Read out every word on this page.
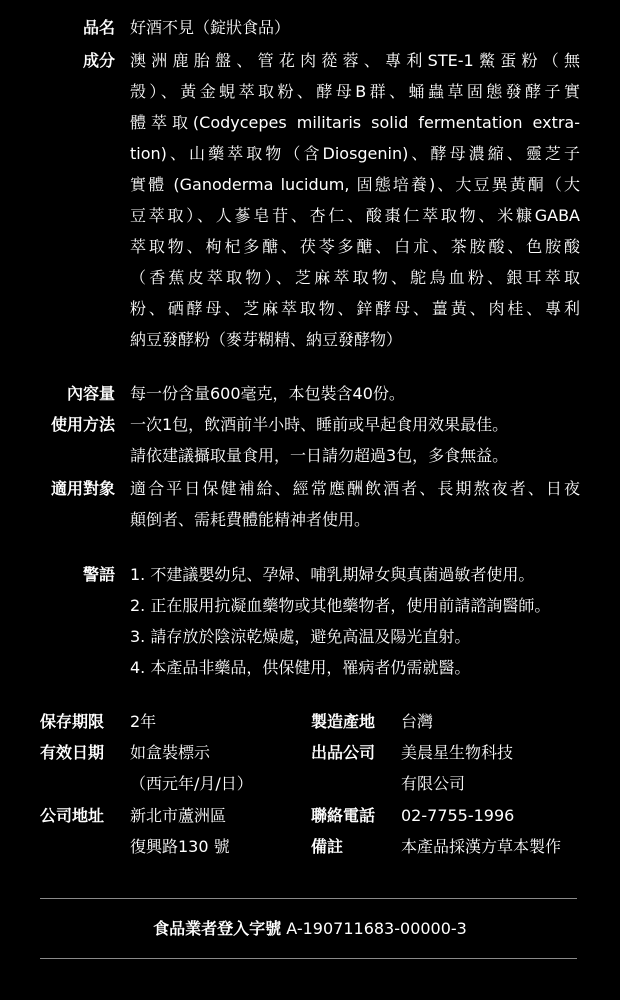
品名 好酒不見（錠狀食品）
成分 澳洲鹿胎盤、管花肉蓯蓉、專利STE-1鱉蛋粉（無
殼）、黃金蜆萃取粉、酵母B群、蛹蟲草固態發酵子實
體萃取(Codycepes militaris solid fermentation extra-
tion)、山藥萃取物（含Diosgenin)、酵母濃縮、靈芝子
實體 (Ganoderma lucidum, 固態培養)、大豆異黃酮（大
豆萃取）、人蔘皂苷、杏仁、酸棗仁萃取物、米糠GABA
萃取物、枸杞多醣、茯苓多醣、白朮、茶胺酸、色胺酸
（香蕉皮萃取物）、芝麻萃取物、鴕鳥血粉、銀耳萃取
粉、硒酵母、芝麻萃取物、鋅酵母、薑黃、肉桂、專利
納豆發酵粉（麥芽糊精、納豆發酵物）
內容量 每一份含量600毫克，本包裝含40份。
使用方法 一次1包，飲酒前半小時、睡前或早起食用效果最佳。
請依建議攝取量食用，一日請勿超過3包，多食無益。
適用對象 適合平日保健補給、經常應酬飲酒者、長期熬夜者、日夜
顛倒者、需耗費體能精神者使用。
警語 1. 不建議嬰幼兒、孕婦、哺乳期婦女與真菌過敏者使用。
2. 正在服用抗凝血藥物或其他藥物者，使用前請諮詢醫師。
3. 請存放於陰涼乾燥處，避免高温及陽光直射。
4. 本產品非藥品，供保健用，罹病者仍需就醫。
保存期限 2年
有效日期 如盒裝標示
（西元年/月/日）
公司地址 新北市蘆洲區
復興路130 號
製造產地 台灣
出品公司 美晨星生物科技
有限公司
聯絡電話 02-7755-1996
備註	本產品採漢方草本製作
食品業者登入字號 A-190711683-00000-3
